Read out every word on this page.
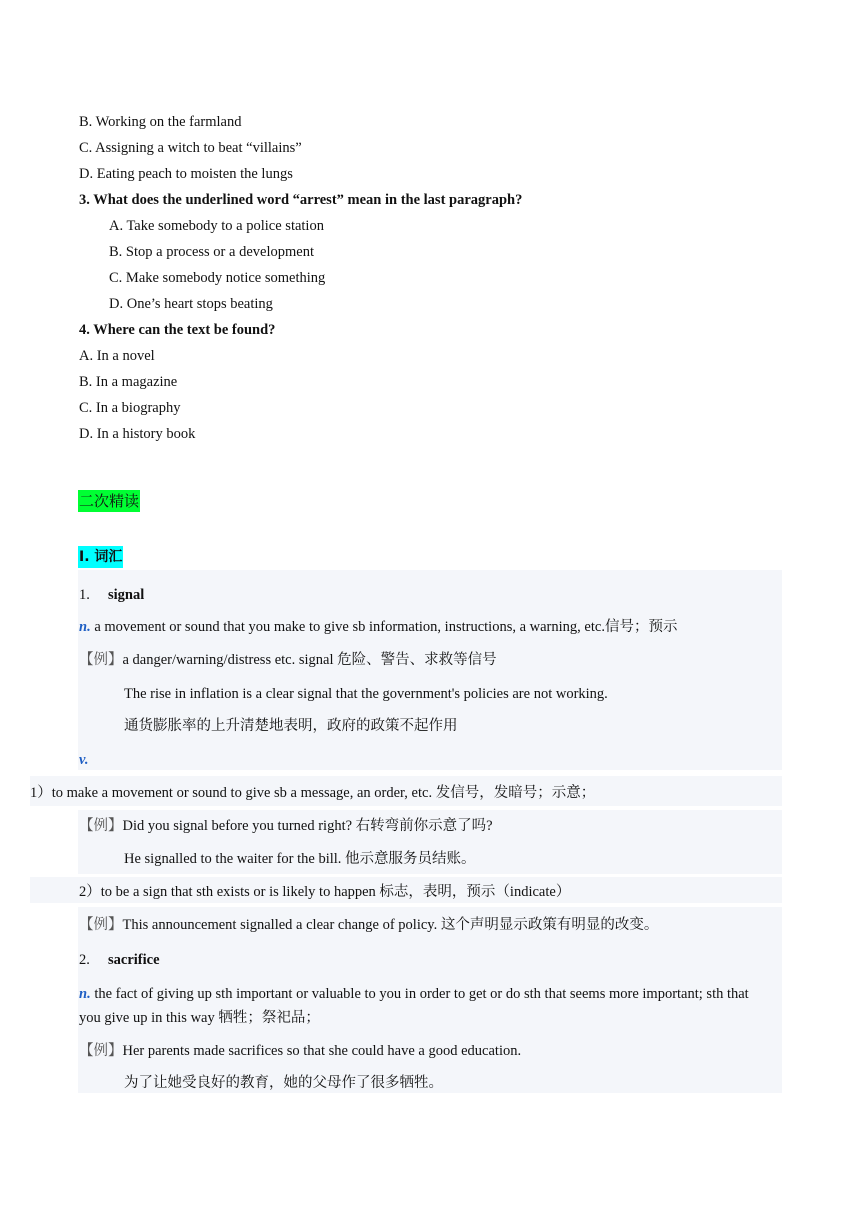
B. Working on the farmland
C. Assigning a witch to beat “villains”
D. Eating peach to moisten the lungs
3. What does the underlined word “arrest” mean in the last paragraph?
A. Take somebody to a police station
B. Stop a process or a development
C. Make somebody notice something
D. One’s heart stops beating
4. Where can the text be found?
A. In a novel
B. In a magazine
C. In a biography
D. In a history book
二次精读
I. 词汇
1. signal
n. a movement or sound that you make to give sb information, instructions, a warning, etc.信号；预示
【例】a danger/warning/distress etc. signal 危险、警告、求救等信号
The rise in inflation is a clear signal that the government's policies are not working.
通货膨胀率的上升清楚地表明，政府的政策不起作用
v.
1）to make a movement or sound to give sb a message, an order, etc. 发信号，发暗号；示意；
【例】Did you signal before you turned right? 右转弯前你示意了吗?
He signalled to the waiter for the bill. 他示意服务员结账。
2）to be a sign that sth exists or is likely to happen 标志，表明，预示（indicate）
【例】This announcement signalled a clear change of policy. 这个声明显示政策有明显的改变。
2. sacrifice
n. the fact of giving up sth important or valuable to you in order to get or do sth that seems more important; sth that
you give up in this way 牺牲；祭祀品；
【例】Her parents made sacrifices so that she could have a good education.
为了让她受良好的教育，她的父母作了很多牺牲。
